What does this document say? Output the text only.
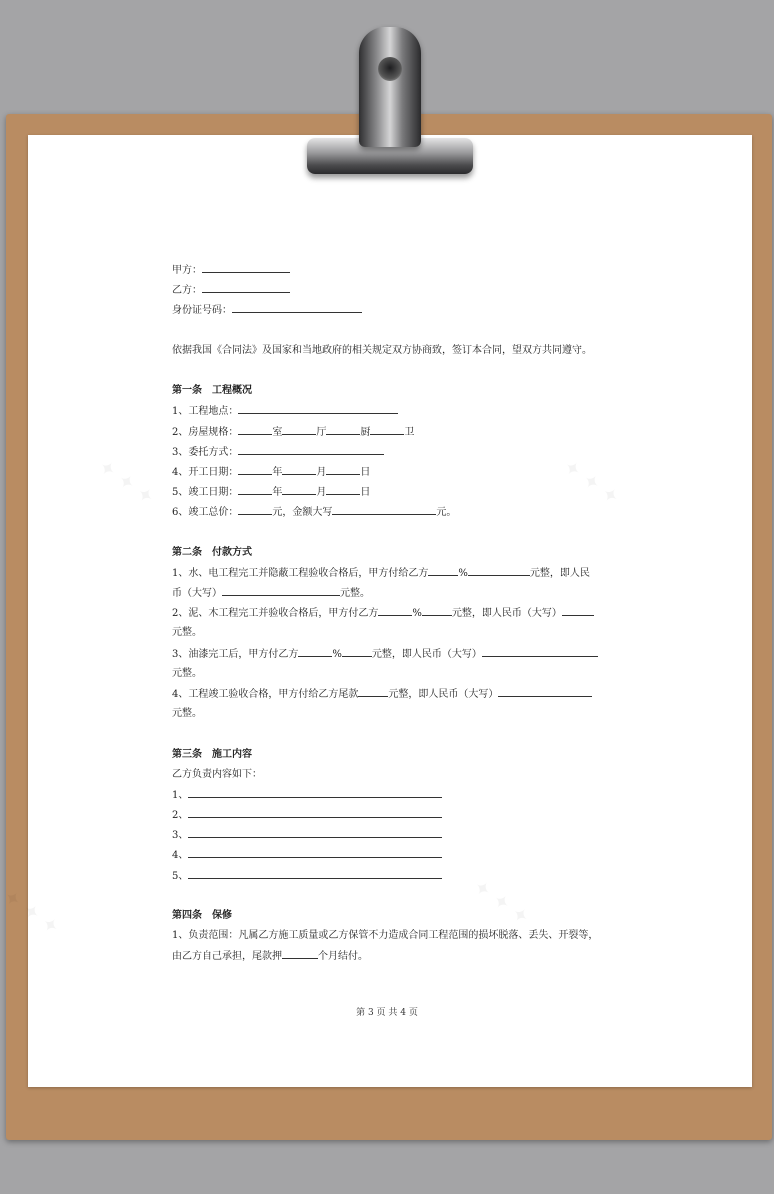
甲方：
乙方：
身份证号码：
依据我国《合同法》及国家和当地政府的相关规定双方协商致，签订本合同，望双方共同遵守。
第一条　工程概况
1、工程地点：
2、房屋规格：	室	厅	厨	卫
3、委托方式：
4、开工日期：	年	月	日
5、竣工日期：	年	月	日
6、竣工总价：	元，金额大写	元。
第二条　付款方式
1、水、电工程完工并隐蔽工程验收合格后，甲方付给乙方	%	元整，即人民
币（大写）	元整。
2、泥、木工程完工并验收合格后，甲方付乙方	%	元整，即人民币（大写）
元整。
3、油漆完工后，甲方付乙方	%	元整，即人民币（大写）
元整。
4、工程竣工验收合格，甲方付给乙方尾款	元整，即人民币（大写）
元整。
第三条　施工内容
乙方负责内容如下：
1、
2、
3、
4、
5、
第四条　保修
1、负责范围：凡属乙方施工质量或乙方保管不力造成合同工程范围的损坏脱落、丢失、开裂等，
由乙方自己承担，尾款押	个月结付。
第 3 页 共 4 页
